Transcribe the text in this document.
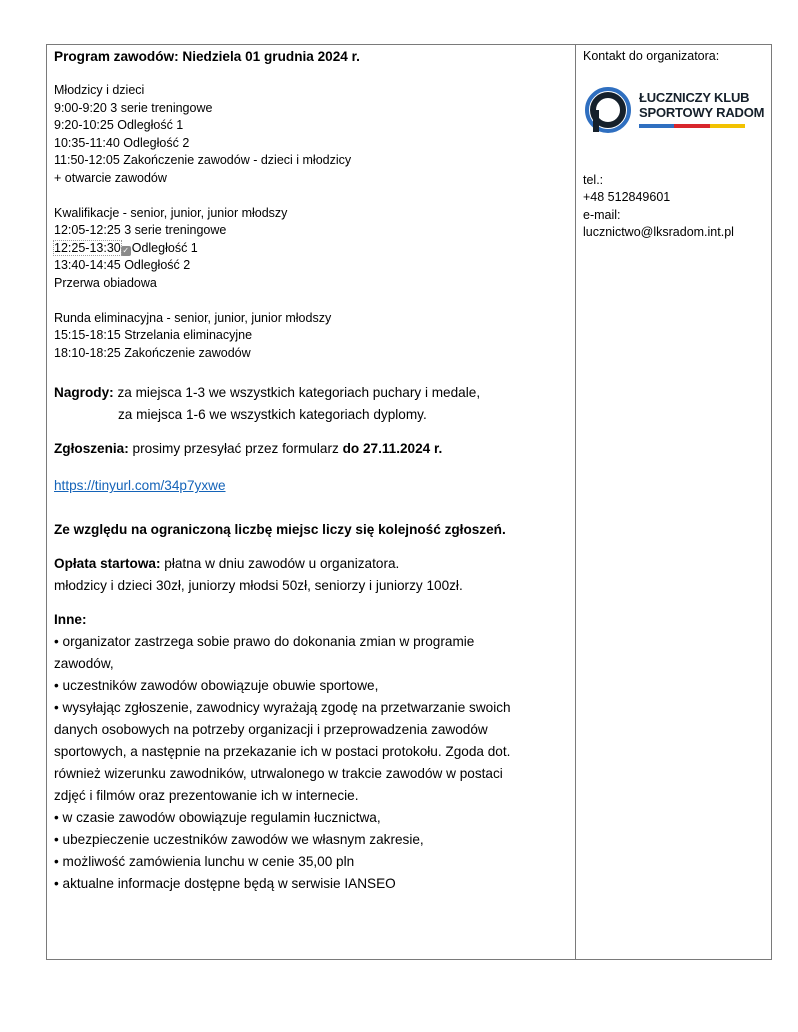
Program zawodów: Niedziela 01 grudnia 2024 r.

Młodzicy i dzieci

9:00-9:20 3 serie treningowe

9:20-10:25 Odległość 1

10:35-11:40 Odległość 2

11:50-12:05 Zakończenie zawodów - dzieci i młodzicy

+ otwarcie zawodów

Kwalifikacje - senior, junior, junior młodszy

12:05-12:25 3 serie treningowe

12:25-13:30 ✓ Odległość 1

13:40-14:45 Odległość 2

Przerwa obiadowa

Runda eliminacyjna - senior, junior, junior młodszy

15:15-18:15 Strzelania eliminacyjne

18:10-18:25 Zakończenie zawodów

Nagrody: za miejsca 1-3 we wszystkich kategoriach puchary i medale,

za miejsca 1-6 we wszystkich kategoriach dyplomy.

Zgłoszenia: prosimy przesyłać przez formularz do 27.11.2024 r.

https://tinyurl.com/34p7yxwe

Ze względu na ograniczoną liczbę miejsc liczy się kolejność zgłoszeń.

Opłata startowa: płatna w dniu zawodów u organizatora.

młodzicy i dzieci 30zł, juniorzy młodsi 50zł, seniorzy i juniorzy 100zł.

Inne:

• organizator zastrzega sobie prawo do dokonania zmian w programie

zawodów,

• uczestników zawodów obowiązuje obuwie sportowe,

• wysyłając zgłoszenie, zawodnicy wyrażają zgodę na przetwarzanie swoich

danych osobowych na potrzeby organizacji i przeprowadzenia zawodów

sportowych, a następnie na przekazanie ich w postaci protokołu. Zgoda dot.

również wizerunku zawodników, utrwalonego w trakcie zawodów w postaci

zdjęć i filmów oraz prezentowanie ich w internecie.

• w czasie zawodów obowiązuje regulamin łucznictwa,

• ubezpieczenie uczestników zawodów we własnym zakresie,

• możliwość zamówienia lunchu w cenie 35,00 pln

• aktualne informacje dostępne będą w serwisie IANSEO

Kontakt do organizatora:

ŁUCZNICZY KLUB
SPORTOWY RADOM

tel.:

+48 512849601

e-mail:

lucznictwo@lksradom.int.pl
